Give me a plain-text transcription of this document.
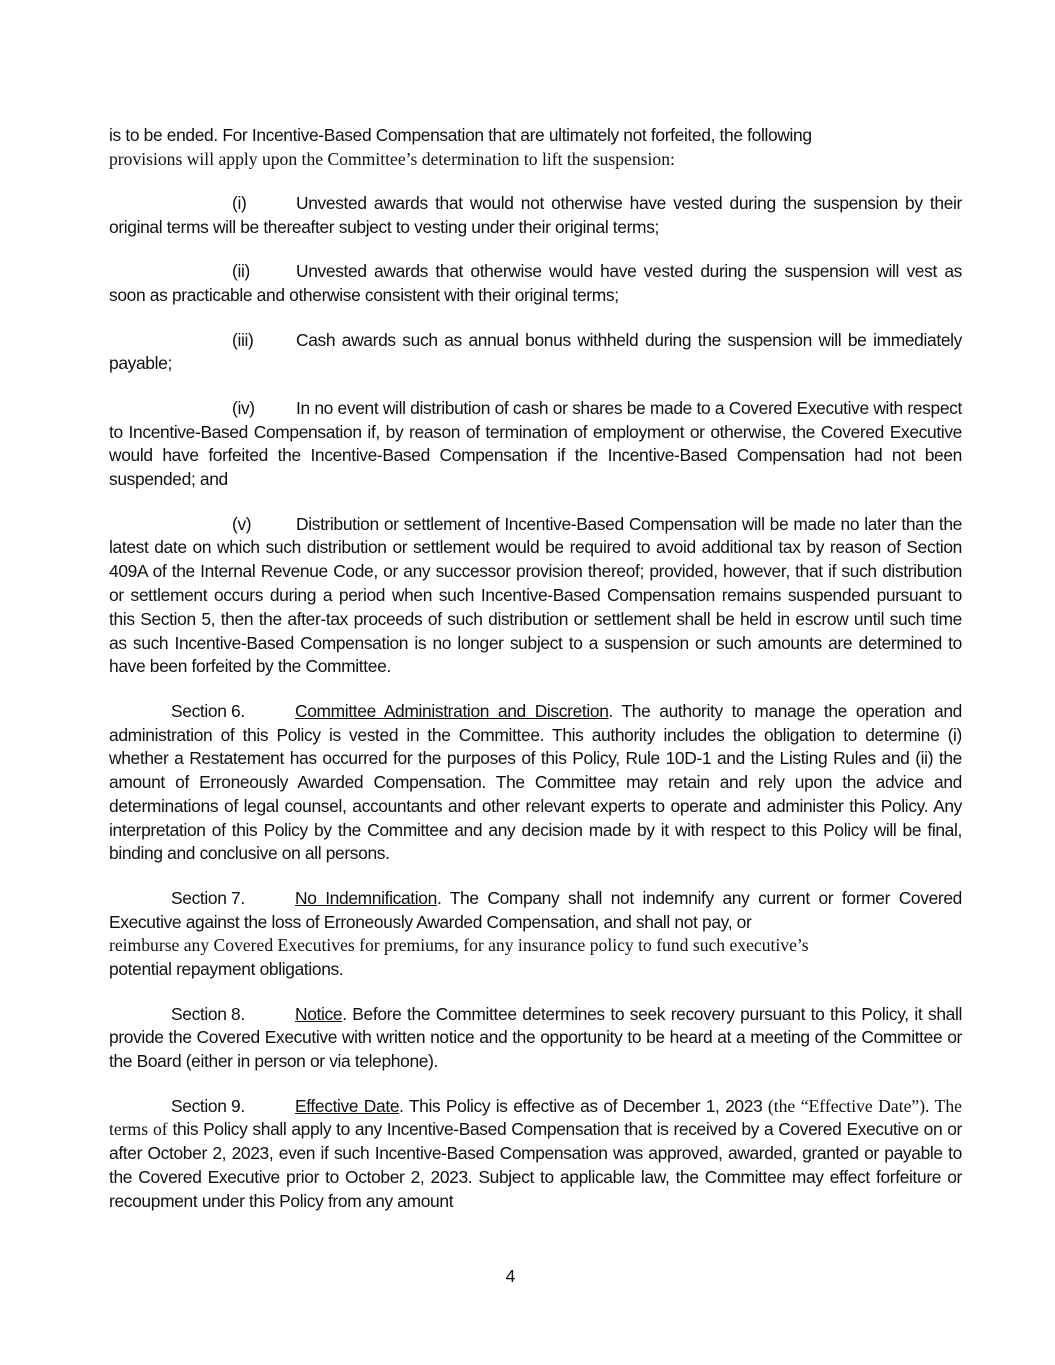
is to be ended. For Incentive-Based Compensation that are ultimately not forfeited, the following
provisions will apply upon the Committee’s determination to lift the suspension:

(i)	Unvested awards that would not otherwise have vested during the suspension by their original terms will be thereafter subject to vesting under their original terms;

(ii)	Unvested awards that otherwise would have vested during the suspension will vest as soon as practicable and otherwise consistent with their original terms;

(iii) Cash awards such as annual bonus withheld during the suspension will be immediately payable;

(iv) In no event will distribution of cash or shares be made to a Covered Executive with respect to Incentive-Based Compensation if, by reason of termination of employment or otherwise, the Covered Executive would have forfeited the Incentive-Based Compensation if the Incentive-Based Compensation had not been suspended; and

(v)	Distribution or settlement of Incentive-Based Compensation will be made no later than the latest date on which such distribution or settlement would be required to avoid additional tax by reason of Section 409A of the Internal Revenue Code, or any successor provision thereof; provided, however, that if such distribution or settlement occurs during a period when such Incentive-Based Compensation remains suspended pursuant to this Section 5, then the after-tax proceeds of such distribution or settlement shall be held in escrow until such time as such Incentive-Based Compensation is no longer subject to a suspension or such amounts are determined to have been forfeited by the Committee.

Section 6.	Committee Administration and Discretion. The authority to manage the operation and administration of this Policy is vested in the Committee. This authority includes the obligation to determine (i) whether a Restatement has occurred for the purposes of this Policy, Rule 10D-1 and the Listing Rules and (ii) the amount of Erroneously Awarded Compensation. The Committee may retain and rely upon the advice and determinations of legal counsel, accountants and other relevant experts to operate and administer this Policy. Any interpretation of this Policy by the Committee and any decision made by it with respect to this Policy will be final, binding and conclusive on all persons.

Section 7.	No Indemnification. The Company shall not indemnify any current or former Covered Executive against the loss of Erroneously Awarded Compensation, and shall not pay, or
reimburse any Covered Executives for premiums, for any insurance policy to fund such executive’s
potential repayment obligations.

Section 8.	Notice. Before the Committee determines to seek recovery pursuant to this Policy, it shall provide the Covered Executive with written notice and the opportunity to be heard at a meeting of the Committee or the Board (either in person or via telephone).

Section 9.	Effective Date. This Policy is effective as of December 1, 2023 (the “Effective Date”). The terms of this Policy shall apply to any Incentive-Based Compensation that is received by a Covered Executive on or after October 2, 2023, even if such Incentive-Based Compensation was approved, awarded, granted or payable to the Covered Executive prior to October 2, 2023. Subject to applicable law, the Committee may effect forfeiture or recoupment under this Policy from any amount

4
